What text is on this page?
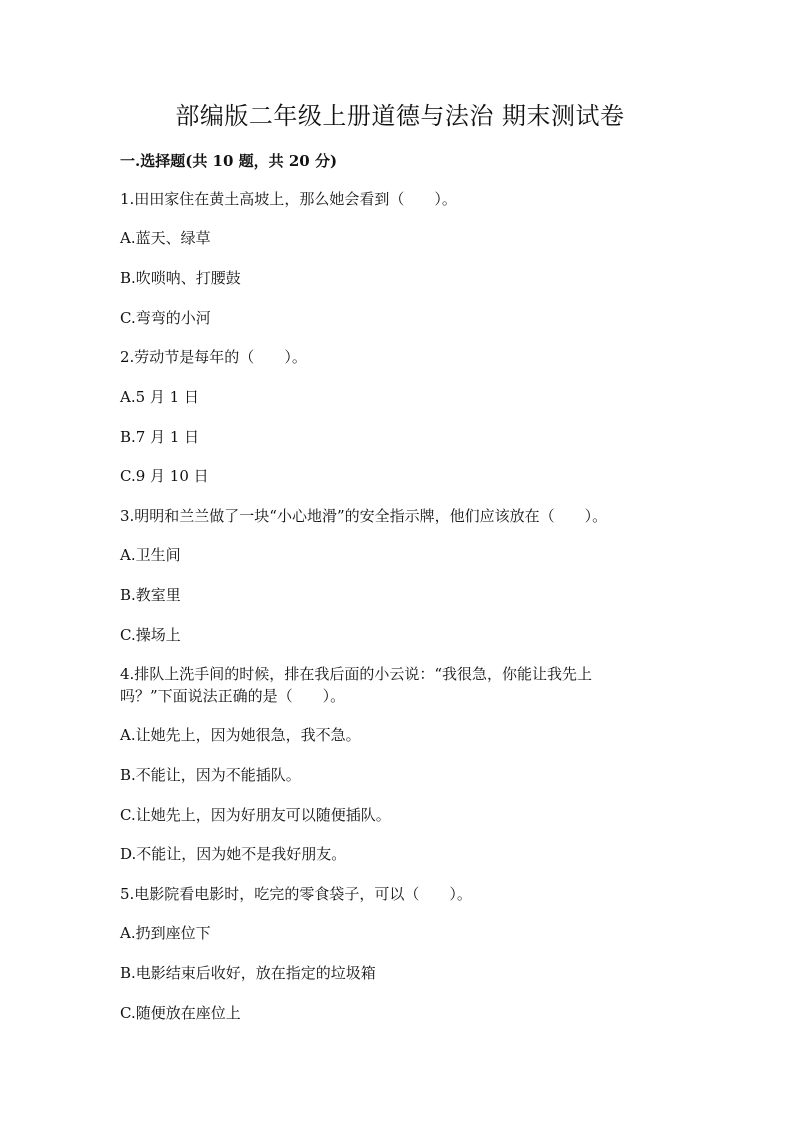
部编版二年级上册道德与法治 期末测试卷
一.选择题(共 10 题，共 20 分)
1.田田家住在黄土高坡上，那么她会看到（　　）。
A.蓝天、绿草
B.吹唢呐、打腰鼓
C.弯弯的小河
2.劳动节是每年的（　　）。
A.5 月 1 日
B.7 月 1 日
C.9 月 10 日
3.明明和兰兰做了一块“小心地滑”的安全指示牌，他们应该放在（　　）。
A.卫生间
B.教室里
C.操场上
4.排队上洗手间的时候，排在我后面的小云说：“我很急，你能让我先上
吗？”下面说法正确的是（　　）。
A.让她先上，因为她很急，我不急。
B.不能让，因为不能插队。
C.让她先上，因为好朋友可以随便插队。
D.不能让，因为她不是我好朋友。
5.电影院看电影时，吃完的零食袋子，可以（　　）。
A.扔到座位下
B.电影结束后收好，放在指定的垃圾箱
C.随便放在座位上
